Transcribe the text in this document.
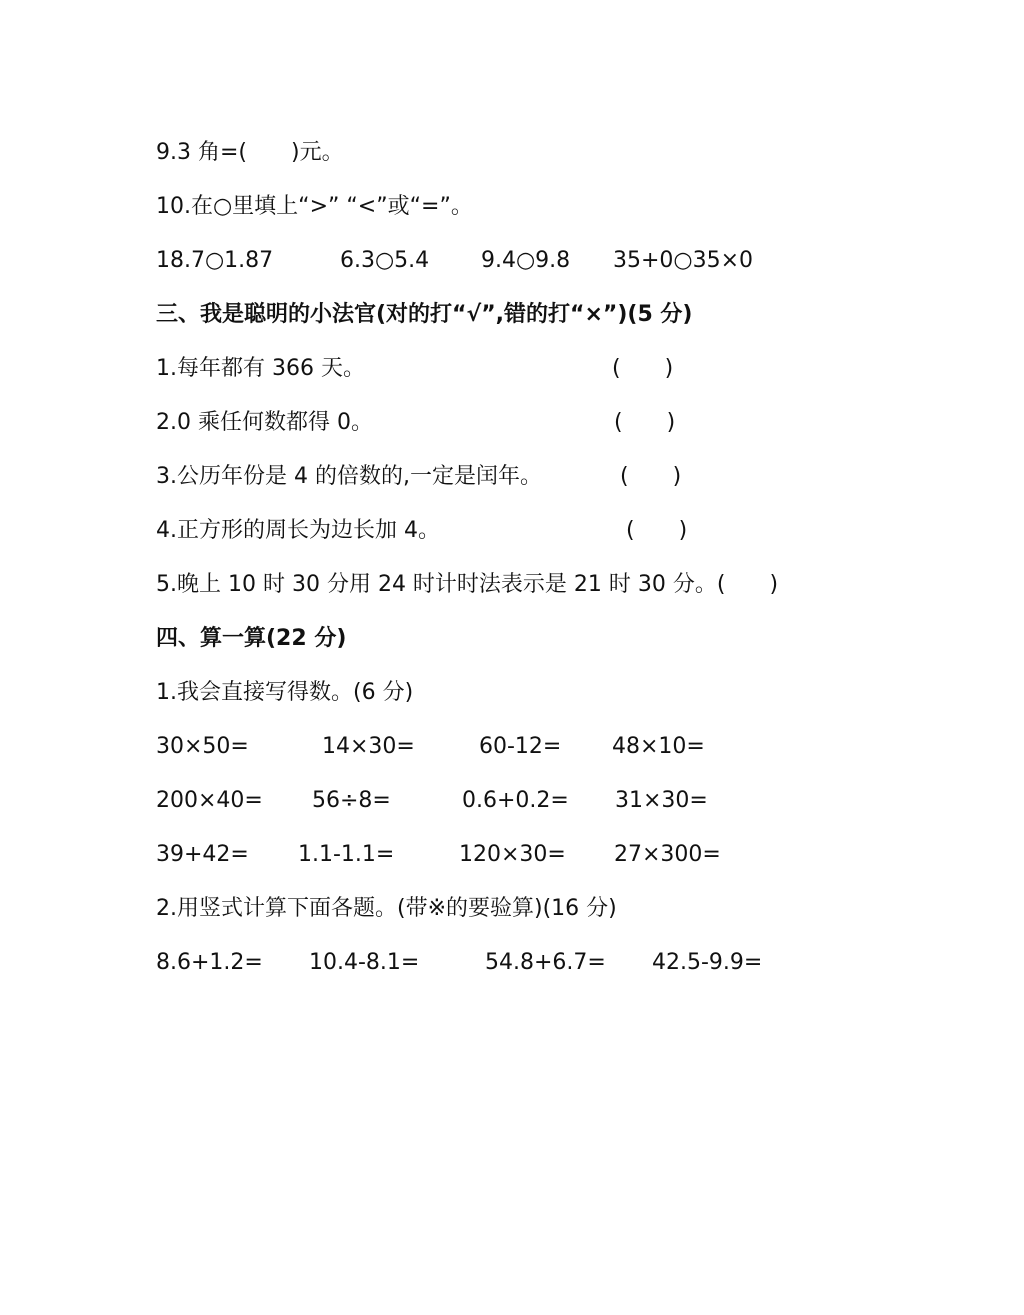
9.3 角=(　　)元。
10.在○里填上“>” “<”或“=”。
18.7○1.87	6.3○5.4 9.4○9.8 35+0○35×0
三、我是聪明的小法官(对的打“√”,错的打“×”)(5 分)
1.每年都有 366 天。	(　　)
2.0 乘任何数都得 0。	(　　)
3.公历年份是 4 的倍数的,一定是闰年。	(　　)
4.正方形的周长为边长加 4。	(　　)
5.晚上 10 时 30 分用 24 时计时法表示是 21 时 30 分。(　　)
四、算一算(22 分)
1.我会直接写得数。(6 分)
30×50=	14×30=	60-12= 48×10=
200×40= 56÷8=	0.6+0.2= 31×30=
39+42= 1.1-1.1=	120×30= 27×300=
2.用竖式计算下面各题。(带※的要验算)(16 分)
8.6+1.2= 10.4-8.1=	54.8+6.7= 42.5-9.9=
